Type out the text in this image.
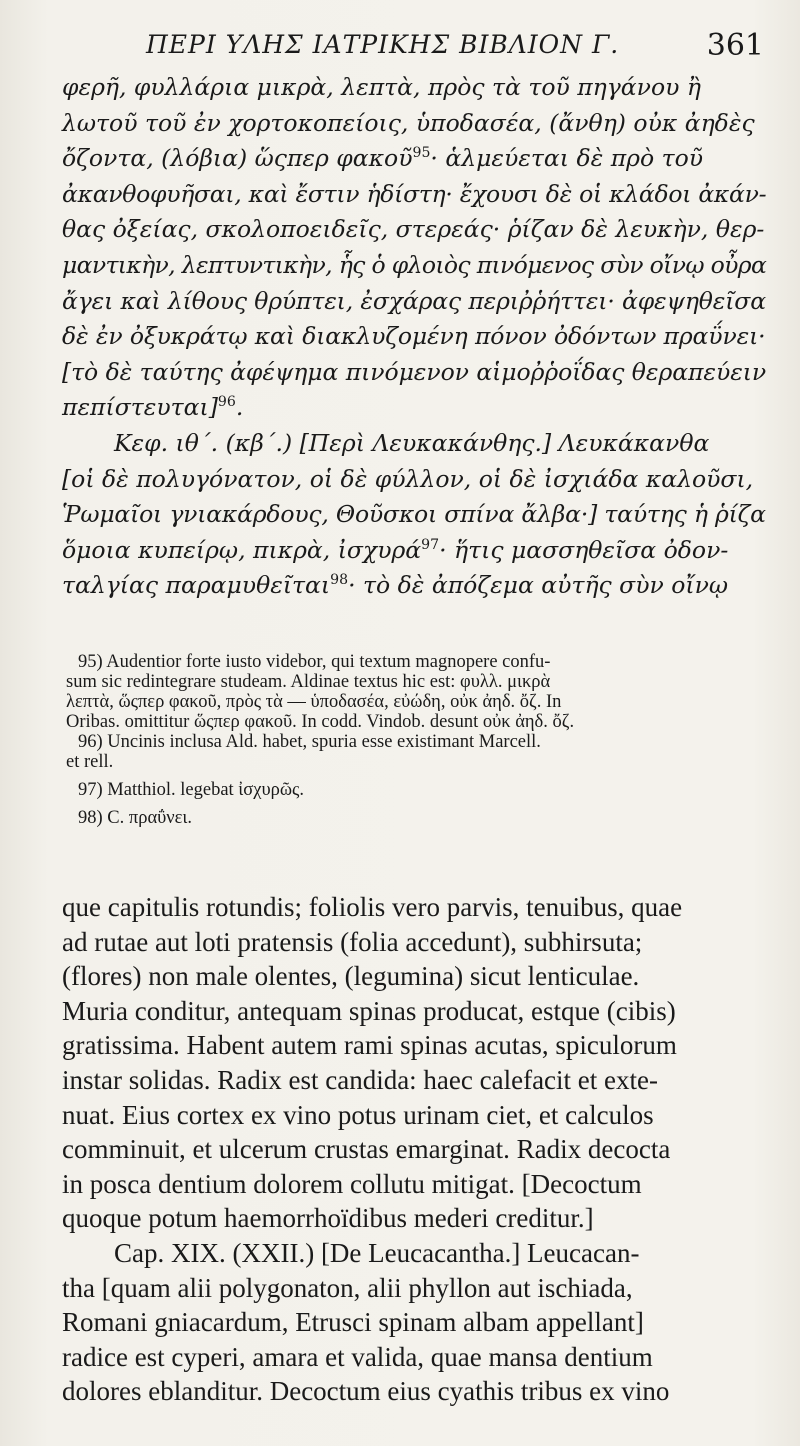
ΠΕΡΙ ΥΛΗΣ ΙΑΤΡΙΚΗΣ ΒΙΒΛΙΟΝ Γ.	361
φερῆ, φυλλάρια μικρὰ, λεπτὰ, πρὸς τὰ τοῦ πηγάνου ἢ
λωτοῦ τοῦ ἐν χορτοκοπείοις, ὑποδασέα, (ἄνθη) οὐκ ἀηδὲς
ὄζοντα, (λόβια) ὥςπερ φακοῦ$^{95}$· ἁλμεύεται δὲ πρὸ τοῦ
ἀκανθοφυῆσαι, καὶ ἔστιν ἡδίστη· ἔχουσι δὲ οἱ κλάδοι ἀκάν-
θας ὀξείας, σκολοποειδεῖς, στερεάς· ῥίζαν δὲ λευκὴν, θερ-
μαντικὴν, λεπτυντικὴν, ἧς ὁ φλοιὸς πινόμενος σὺν οἴνῳ οὖρα
ἄγει καὶ λίθους θρύπτει, ἐσχάρας περιῤῥήττει· ἀφεψηθεῖσα
δὲ ἐν ὀξυκράτῳ καὶ διακλυζομένη πόνον ὀδόντων πραΰνει·
[τὸ δὲ ταύτης ἀφέψημα πινόμενον αἱμοῤῥοΐδας θεραπεύειν
πεπίστευται]$^{96}$.
Κεφ. ιθ΄. (κβ΄.) [Περὶ Λευκακάνθης.] Λευκάκανθα
[οἱ δὲ πολυγόνατον, οἱ δὲ φύλλον, οἱ δὲ ἰσχιάδα καλοῦσι,
Ῥωμαῖοι γνιακάρδους, Θοῦσκοι σπίνα ἄλβα·] ταύτης ἡ ῥίζα
ὅμοια κυπείρῳ, πικρὰ, ἰσχυρά$^{97}$· ἥτις μασσηθεῖσα ὀδον-
ταλγίας παραμυθεῖται$^{98}$· τὸ δὲ ἀπόζεμα αὐτῆς σὺν οἴνῳ
95) Audentior forte iusto videbor, qui textum magnopere confu-
sum sic redintegrare studeam. Aldinae textus hic est: φυλλ. μικρὰ
λεπτὰ, ὥςπερ φακοῦ, πρὸς τὰ — ὑποδασέα, εὐώδη, οὐκ ἀηδ. ὄζ. In
Oribas. omittitur ὥςπερ φακοῦ. In codd. Vindob. desunt οὐκ ἀηδ. ὄζ.
96) Uncinis inclusa Ald. habet, spuria esse existimant Marcell.
et rell.
97) Matthiol. legebat ἰσχυρῶς.
98) C. πραΰνει.
que capitulis rotundis; foliolis vero parvis, tenuibus, quae
ad rutae aut loti pratensis (folia accedunt), subhirsuta;
(flores) non male olentes, (legumina) sicut lenticulae.
Muria conditur, antequam spinas producat, estque (cibis)
gratissima. Habent autem rami spinas acutas, spiculorum
instar solidas. Radix est candida: haec calefacit et exte-
nuat. Eius cortex ex vino potus urinam ciet, et calculos
comminuit, et ulcerum crustas emarginat. Radix decocta
in posca dentium dolorem collutu mitigat. [Decoctum
quoque potum haemorrhoïdibus mederi creditur.]
Cap. XIX. (XXII.) [De Leucacantha.] Leucacan-
tha [quam alii polygonaton, alii phyllon aut ischiada,
Romani gniacardum, Etrusci spinam albam appellant]
radice est cyperi, amara et valida, quae mansa dentium
dolores eblanditur. Decoctum eius cyathis tribus ex vino
